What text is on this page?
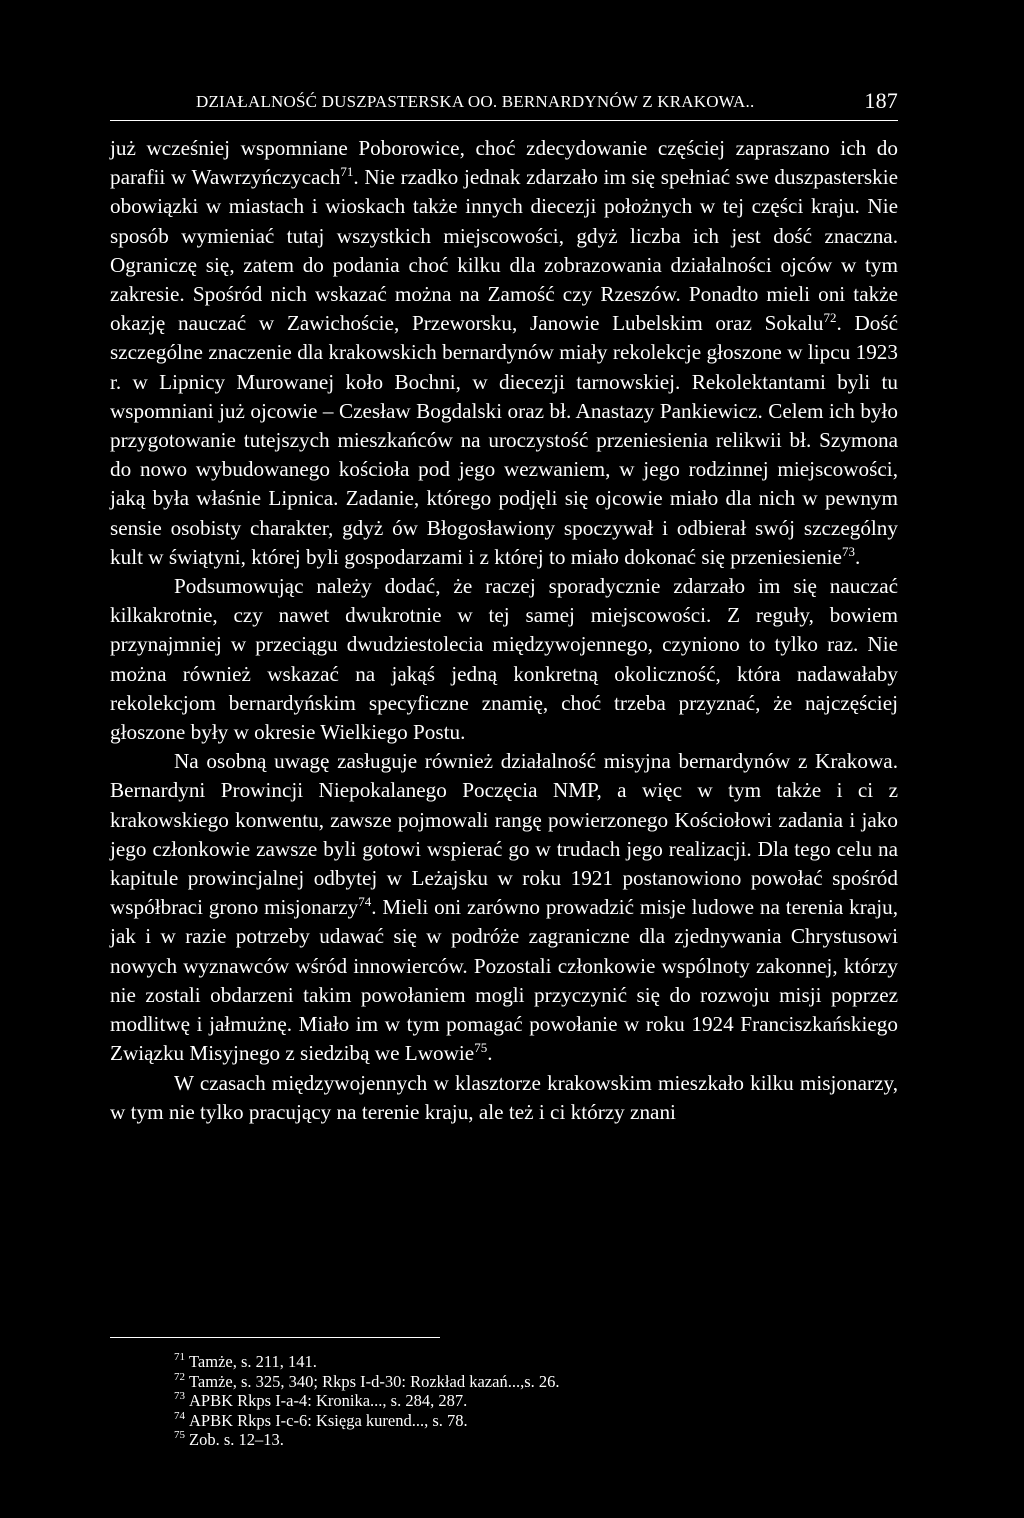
DZIAŁALNOŚĆ DUSZPASTERSKA OO. BERNARDYNÓW Z KRAKOWA..	187

już wcześniej wspomniane Poborowice, choć zdecydowanie częściej zapraszano ich do parafii w Wawrzyńczycach$^{71}$. Nie rzadko jednak zdarzało im się spełniać swe duszpasterskie obowiązki w miastach i wioskach także innych diecezji położnych w tej części kraju. Nie sposób wymieniać tutaj wszystkich miejscowości, gdyż liczba ich jest dość znaczna. Ograniczę się, zatem do podania choć kilku dla zobrazowania działalności ojców w tym zakresie. Spośród nich wskazać można na Zamość czy Rzeszów. Ponadto mieli oni także okazję nauczać w Zawichoście, Przeworsku, Janowie Lubelskim oraz Sokalu$^{72}$. Dość szczególne znaczenie dla krakowskich bernardynów miały rekolekcje głoszone w lipcu 1923 r. w Lipnicy Murowanej koło Bochni, w diecezji tarnowskiej. Rekolektantami byli tu wspomniani już ojcowie – Czesław Bogdalski oraz bł. Anastazy Pankiewicz. Celem ich było przygotowanie tutejszych mieszkańców na uroczystość przeniesienia relikwii bł. Szymona do nowo wybudowanego kościoła pod jego wezwaniem, w jego rodzinnej miejscowości, jaką była właśnie Lipnica. Zadanie, którego podjęli się ojcowie miało dla nich w pewnym sensie osobisty charakter, gdyż ów Błogosławiony spoczywał i odbierał swój szczególny kult w świątyni, której byli gospodarzami i z której to miało dokonać się przeniesienie$^{73}$.

Podsumowując należy dodać, że raczej sporadycznie zdarzało im się nauczać kilkakrotnie, czy nawet dwukrotnie w tej samej miejscowości. Z reguły, bowiem przynajmniej w przeciągu dwudziestolecia międzywojennego, czyniono to tylko raz. Nie można również wskazać na jakąś jedną konkretną okoliczność, która nadawałaby rekolekcjom bernardyńskim specyficzne znamię, choć trzeba przyznać, że najczęściej głoszone były w okresie Wielkiego Postu.

Na osobną uwagę zasługuje również działalność misyjna bernardynów z Krakowa. Bernardyni Prowincji Niepokalanego Poczęcia NMP, a więc w tym także i ci z krakowskiego konwentu, zawsze pojmowali rangę powierzonego Kościołowi zadania i jako jego członkowie zawsze byli gotowi wspierać go w trudach jego realizacji. Dla tego celu na kapitule prowincjalnej odbytej w Leżajsku w roku 1921 postanowiono powołać spośród współbraci grono misjonarzy$^{74}$. Mieli oni zarówno prowadzić misje ludowe na terenia kraju, jak i w razie potrzeby udawać się w podróże zagraniczne dla zjednywania Chrystusowi nowych wyznawców wśród innowierców. Pozostali członkowie wspólnoty zakonnej, którzy nie zostali obdarzeni takim powołaniem mogli przyczynić się do rozwoju misji poprzez modlitwę i jałmużnę. Miało im w tym pomagać powołanie w roku 1924 Franciszkańskiego Związku Misyjnego z siedzibą we Lwowie$^{75}$.

W czasach międzywojennych w klasztorze krakowskim mieszkało kilku misjonarzy, w tym nie tylko pracujący na terenie kraju, ale też i ci którzy znani

$^{71}$ Tamże, s. 211, 141.
$^{72}$ Tamże, s. 325, 340; Rkps I-d-30: Rozkład kazań...,s. 26.
$^{73}$ APBK Rkps I-a-4: Kronika..., s. 284, 287.
$^{74}$ APBK Rkps I-c-6: Księga kurend..., s. 78.
$^{75}$ Zob. s. 12–13.
